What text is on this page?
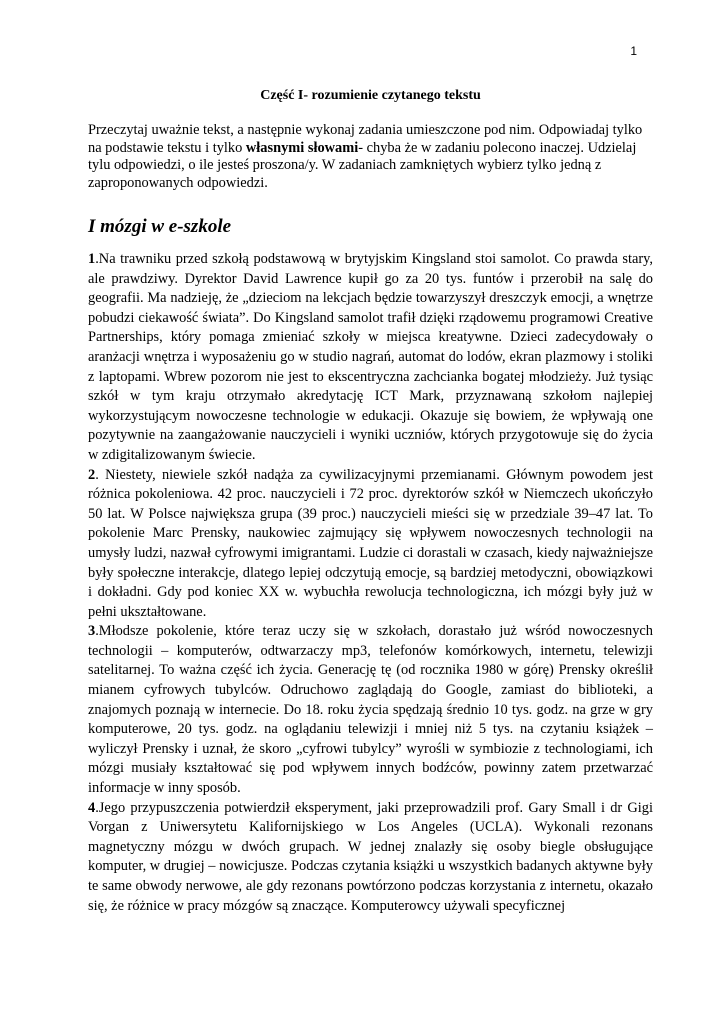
1

Część I- rozumienie czytanego tekstu

Przeczytaj uważnie tekst, a następnie wykonaj zadania umieszczone pod nim. Odpowiadaj tylko na podstawie tekstu i tylko własnymi słowami- chyba że w zadaniu polecono inaczej. Udzielaj tylu odpowiedzi, o ile jesteś proszona/y. W zadaniach zamkniętych wybierz tylko jedną z zaproponowanych odpowiedzi.

I mózgi w e-szkole

1.Na trawniku przed szkołą podstawową w brytyjskim Kingsland stoi samolot. Co prawda stary, ale prawdziwy. Dyrektor David Lawrence kupił go za 20 tys. funtów i przerobił na salę do geografii. Ma nadzieję, że „dzieciom na lekcjach będzie towarzyszył dreszczyk emocji, a wnętrze pobudzi ciekawość świata”. Do Kingsland samolot trafił dzięki rządowemu programowi Creative Partnerships, który pomaga zmieniać szkoły w miejsca kreatywne. Dzieci zadecydowały o aranżacji wnętrza i wyposażeniu go w studio nagrań, automat do lodów, ekran plazmowy i stoliki z laptopami. Wbrew pozorom nie jest to ekscentryczna zachcianka bogatej młodzieży. Już tysiąc szkół w tym kraju otrzymało akredytację ICT Mark, przyznawaną szkołom najlepiej wykorzystującym nowoczesne technologie w edukacji. Okazuje się bowiem, że wpływają one pozytywnie na zaangażowanie nauczycieli i wyniki uczniów, których przygotowuje się do życia w zdigitalizowanym świecie.

2. Niestety, niewiele szkół nadąża za cywilizacyjnymi przemianami. Głównym powodem jest różnica pokoleniowa. 42 proc. nauczycieli i 72 proc. dyrektorów szkół w Niemczech ukończyło 50 lat. W Polsce największa grupa (39 proc.) nauczycieli mieści się w przedziale 39–47 lat. To pokolenie Marc Prensky, naukowiec zajmujący się wpływem nowoczesnych technologii na umysły ludzi, nazwał cyfrowymi imigrantami. Ludzie ci dorastali w czasach, kiedy najważniejsze były społeczne interakcje, dlatego lepiej odczytują emocje, są bardziej metodyczni, obowiązkowi i dokładni. Gdy pod koniec XX w. wybuchła rewolucja technologiczna, ich mózgi były już w pełni ukształtowane.

3.Młodsze pokolenie, które teraz uczy się w szkołach, dorastało już wśród nowoczesnych technologii – komputerów, odtwarzaczy mp3, telefonów komórkowych, internetu, telewizji satelitarnej. To ważna część ich życia. Generację tę (od rocznika 1980 w górę) Prensky określił mianem cyfrowych tubylców. Odruchowo zaglądają do Google, zamiast do biblioteki, a znajomych poznają w internecie. Do 18. roku życia spędzają średnio 10 tys. godz. na grze w gry komputerowe, 20 tys. godz. na oglądaniu telewizji i mniej niż 5 tys. na czytaniu książek – wyliczył Prensky i uznał, że skoro „cyfrowi tubylcy” wyrośli w symbiozie z technologiami, ich mózgi musiały kształtować się pod wpływem innych bodźców, powinny zatem przetwarzać informacje w inny sposób.

4.Jego przypuszczenia potwierdził eksperyment, jaki przeprowadzili prof. Gary Small i dr Gigi Vorgan z Uniwersytetu Kalifornijskiego w Los Angeles (UCLA). Wykonali rezonans magnetyczny mózgu w dwóch grupach. W jednej znalazły się osoby biegle obsługujące komputer, w drugiej – nowicjusze. Podczas czytania książki u wszystkich badanych aktywne były te same obwody nerwowe, ale gdy rezonans powtórzono podczas korzystania z internetu, okazało się, że różnice w pracy mózgów są znaczące. Komputerowcy używali specyficznej
